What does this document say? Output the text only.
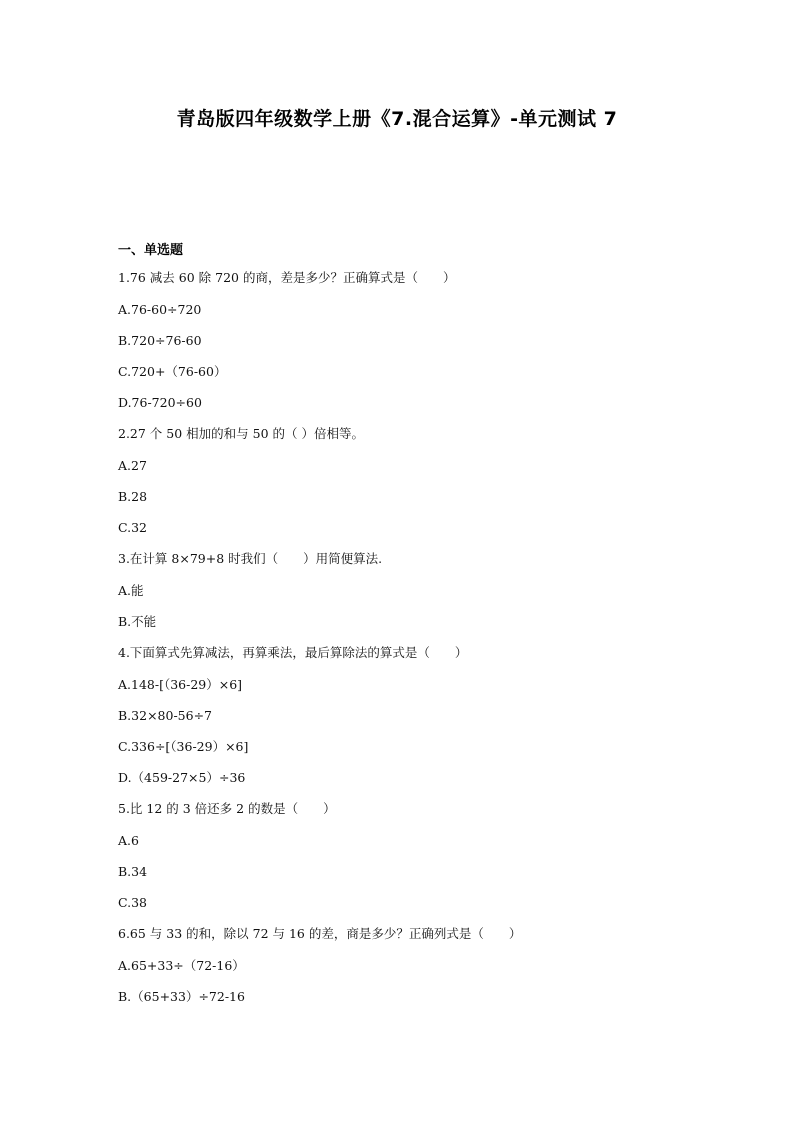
青岛版四年级数学上册《7.混合运算》-单元测试 7
一、单选题
1.76 减去 60 除 720 的商，差是多少？正确算式是（　　）
A.76-60÷720
B.720÷76-60
C.720+（76-60）
D.76-720÷60
2.27 个 50 相加的和与 50 的（ ）倍相等。
A.27
B.28
C.32
3.在计算 8×79+8 时我们（　　）用简便算法.
A.能
B.不能
4.下面算式先算减法，再算乘法，最后算除法的算式是（　　）
A.148-[（36-29）×6]
B.32×80-56÷7
C.336÷[（36-29）×6]
D.（459-27×5）÷36
5.比 12 的 3 倍还多 2 的数是（　　）
A.6
B.34
C.38
6.65 与 33 的和，除以 72 与 16 的差，商是多少？正确列式是（　　）
A.65+33÷（72-16）
B.（65+33）÷72-16
